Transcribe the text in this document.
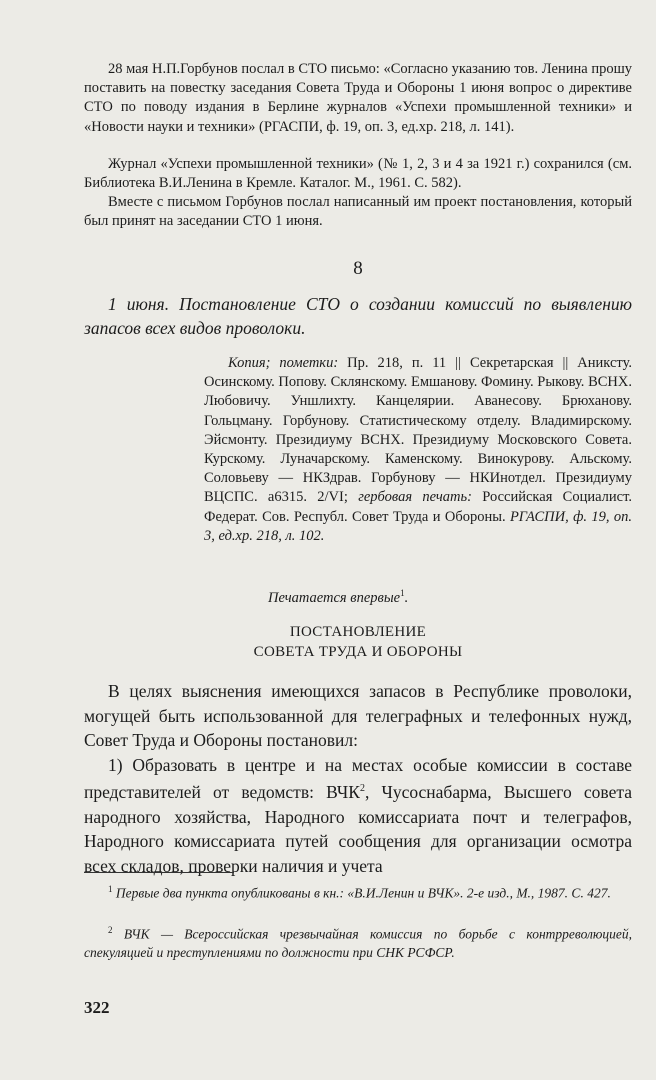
28 мая Н.П.Горбунов послал в СТО письмо: «Согласно указанию тов. Ленина прошу поставить на повестку заседания Совета Труда и Обороны 1 июня вопрос о директиве СТО по поводу издания в Берлине журналов «Успехи промышленной техники» и «Новости науки и техники» (РГАСПИ, ф. 19, оп. 3, ед.хр. 218, л. 141).

Журнал «Успехи промышленной техники» (№ 1, 2, 3 и 4 за 1921 г.) сохранился (см. Библиотека В.И.Ленина в Кремле. Каталог. М., 1961. С. 582).

Вместе с письмом Горбунов послал написанный им проект постановления, который был принят на заседании СТО 1 июня.

8
1 июня. Постановление СТО о создании комиссий по выявлению запасов всех видов проволоки.
Копия; пометки: Пр. 218, п. 11 || Секретарская || Аниксту. Осинскому. Попову. Склянскому. Емшанову. Фомину. Рыкову. ВСНХ. Любовичу. Уншлихту. Канцелярии. Аванесову. Брюханову. Гольцману. Горбунову. Статистическому отделу. Владимирскому. Эйсмонту. Президиуму ВСНХ. Президиуму Московского Совета. Курскому. Луначарскому. Каменскому. Винокурову. Альскому. Соловьеву — НКЗдрав. Горбунову — НКИнотдел. Президиуму ВЦСПС. а6315. 2/VI; гербовая печать: Российская Социалист. Федерат. Сов. Республ. Совет Труда и Обороны. РГАСПИ, ф. 19, оп. 3, ед.хр. 218, л. 102.
Печатается впервые$^1$.
ПОСТАНОВЛЕНИЕ
СОВЕТА ТРУДА И ОБОРОНЫ

В целях выяснения имеющихся запасов в Республике проволоки, могущей быть использованной для телеграфных и телефонных нужд, Совет Труда и Обороны постановил:

1) Образовать в центре и на местах особые комиссии в составе представителей от ведомств: ВЧК$^2$, Чусоснабарма, Высшего совета народного хозяйства, Народного комиссариата почт и телеграфов, Народного комиссариата путей сообщения для организации осмотра всех складов, проверки наличия и учета

$^1$ Первые два пункта опубликованы в кн.: «В.И.Ленин и ВЧК». 2-е изд., М., 1987. С. 427.
$^2$ ВЧК — Всероссийская чрезвычайная комиссия по борьбе с контрреволюцией, спекуляцией и преступлениями по должности при СНК РСФСР.
322
